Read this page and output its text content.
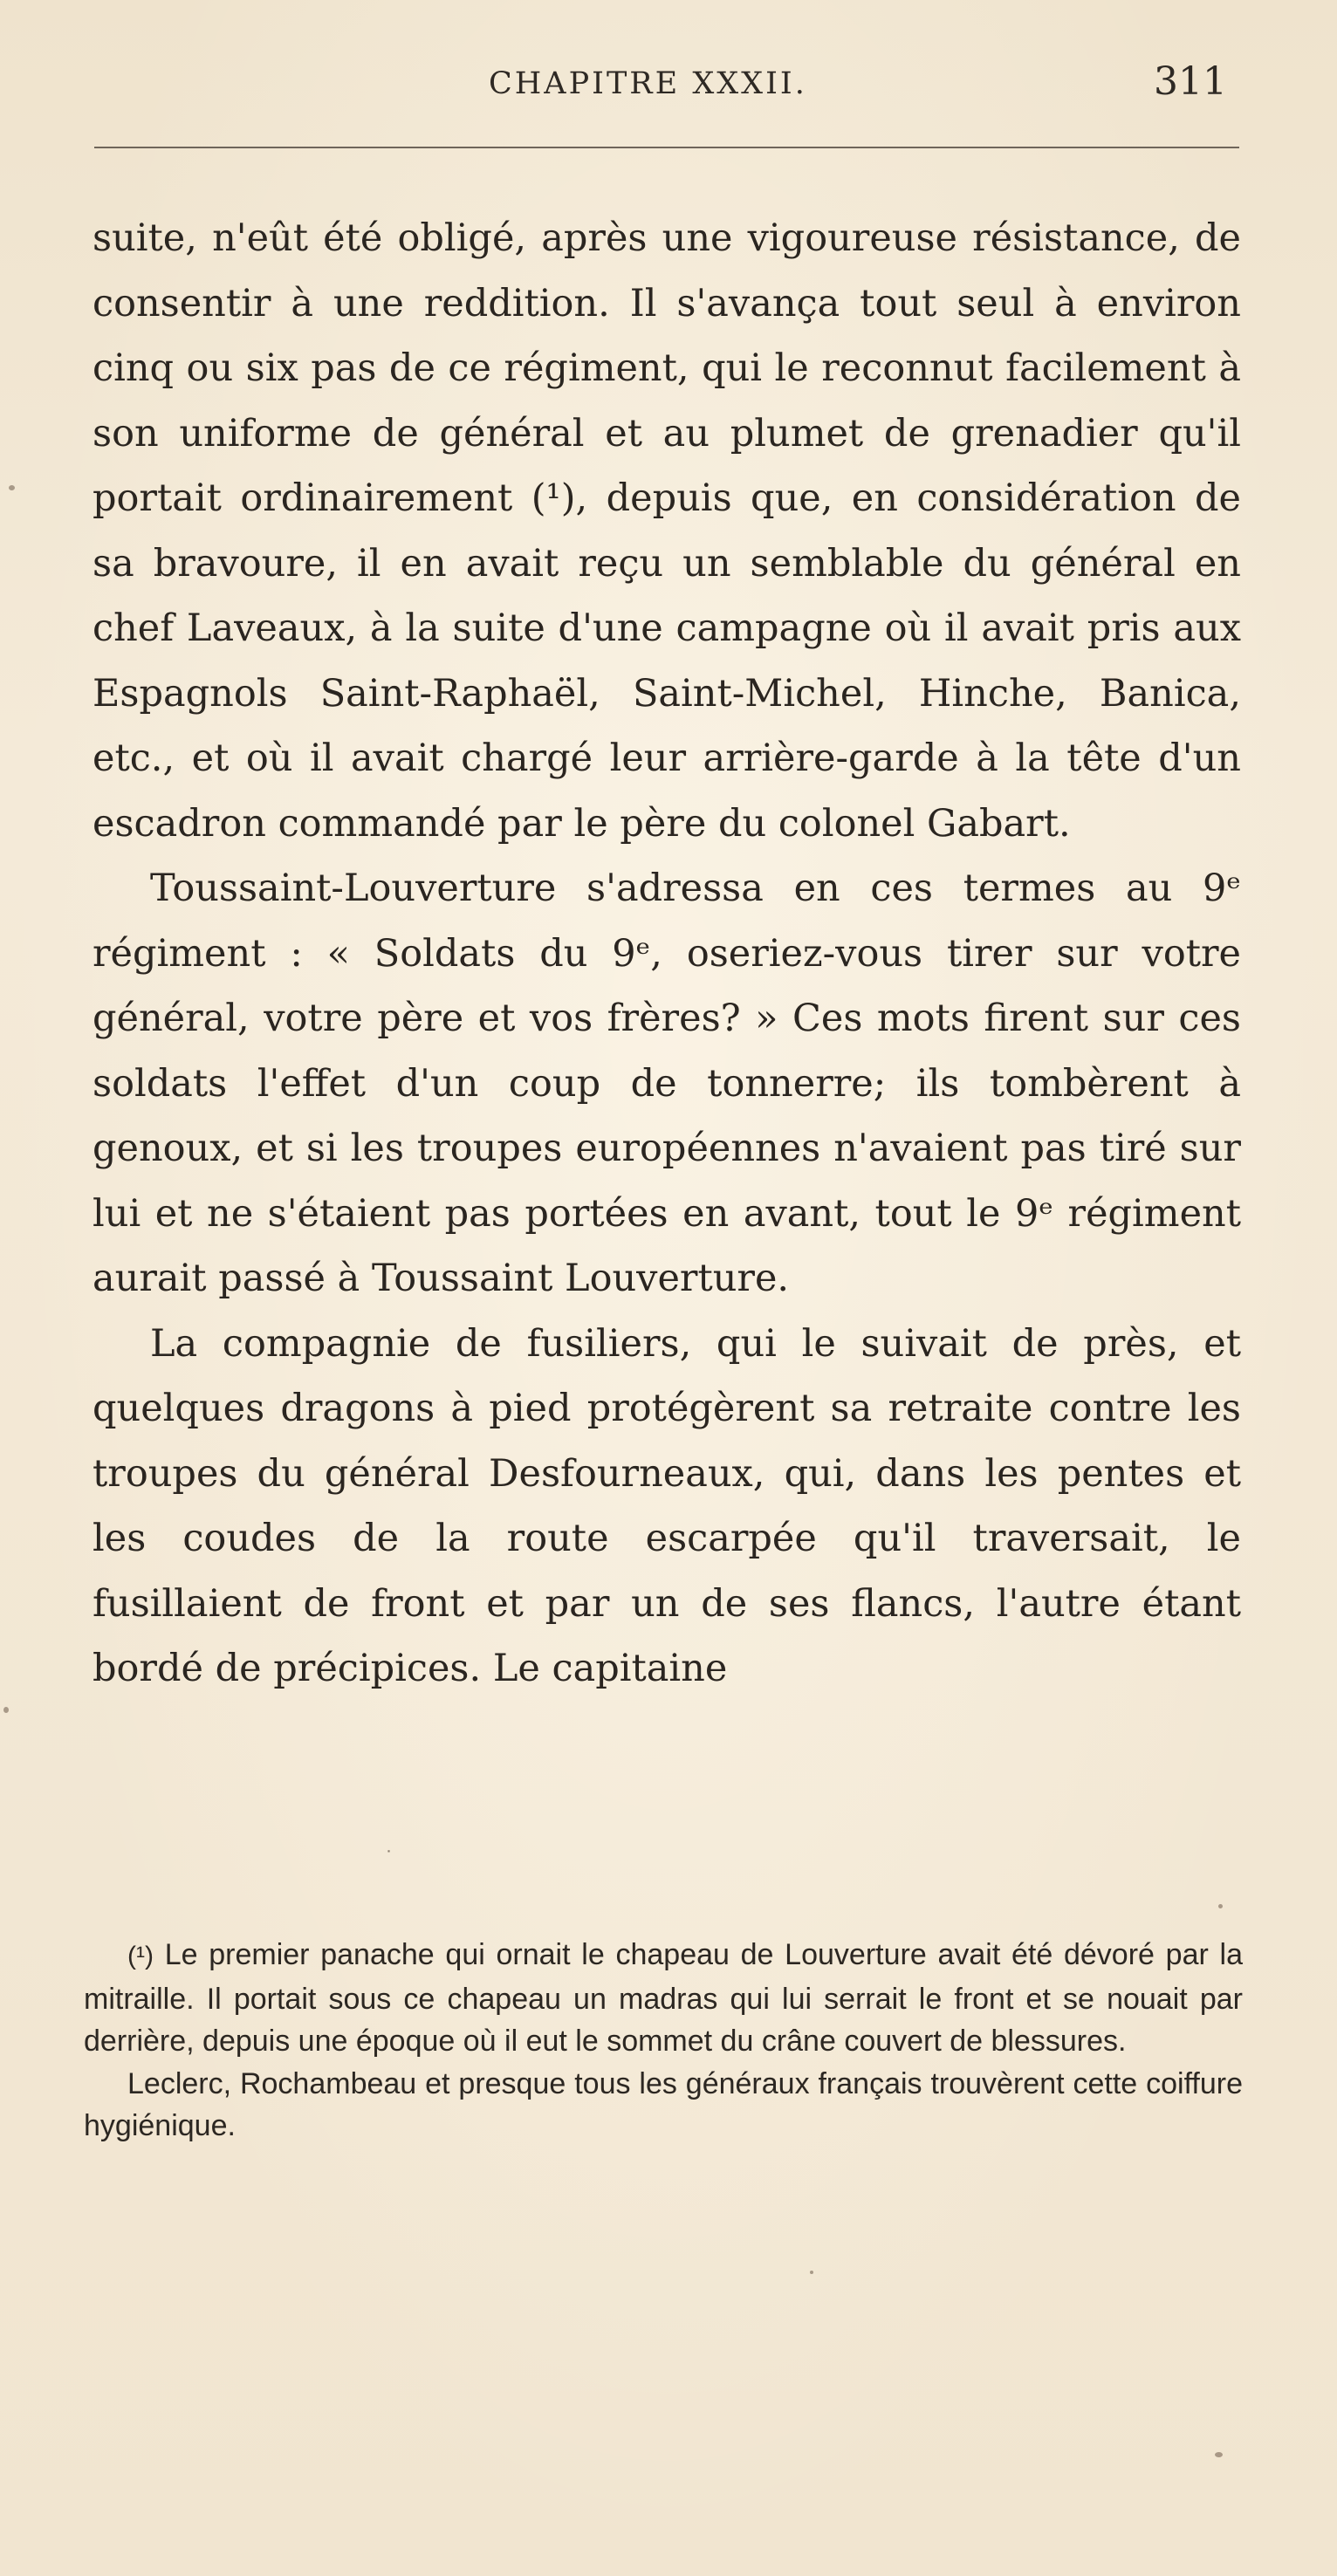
CHAPITRE XXXII.	311

suite, n'eût été obligé, après une vigoureuse résistance, de consentir à une reddition. Il s'avança tout seul à environ cinq ou six pas de ce régiment, qui le reconnut facilement à son uniforme de général et au plumet de grenadier qu'il portait ordinairement (¹), depuis que, en considération de sa bravoure, il en avait reçu un semblable du général en chef Laveaux, à la suite d'une campagne où il avait pris aux Espagnols Saint-Raphaël, Saint-Michel, Hinche, Banica, etc., et où il avait chargé leur arrière-garde à la tête d'un escadron commandé par le père du colonel Gabart.

Toussaint-Louverture s'adressa en ces termes au 9ᵉ régiment : « Soldats du 9ᵉ, oseriez-vous tirer sur votre général, votre père et vos frères? » Ces mots firent sur ces soldats l'effet d'un coup de tonnerre; ils tombèrent à genoux, et si les troupes européennes n'avaient pas tiré sur lui et ne s'étaient pas portées en avant, tout le 9ᵉ régiment aurait passé à Toussaint Louverture.

La compagnie de fusiliers, qui le suivait de près, et quelques dragons à pied protégèrent sa retraite contre les troupes du général Desfourneaux, qui, dans les pentes et les coudes de la route escarpée qu'il traversait, le fusillaient de front et par un de ses flancs, l'autre étant bordé de précipices. Le capitaine

˙

(¹) Le premier panache qui ornait le chapeau de Louverture avait été dévoré par la mitraille. Il portait sous ce chapeau un madras qui lui serrait le front et se nouait par derrière, depuis une époque où il eut le sommet du crâne couvert de blessures.

Leclerc, Rochambeau et presque tous les généraux français trouvèrent cette coiffure hygiénique.
